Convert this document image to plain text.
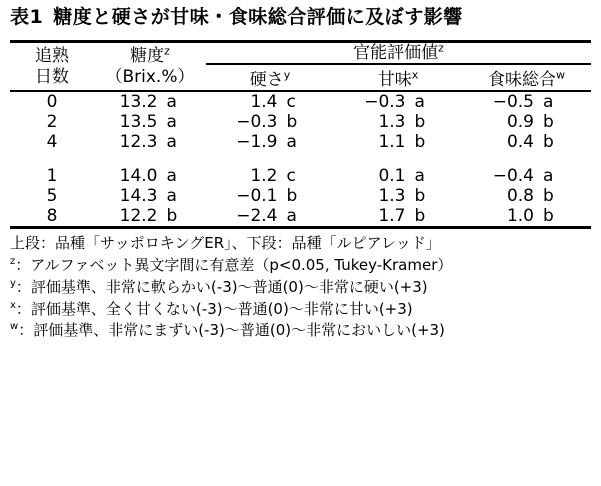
表1 糖度と硬さが甘味・食味総合評価に及ぼす影響
追熟
日数

糖度$^z$
（Brix.%）
	官能評価値$^z$
		硬さ$^y$	甘味$^x$	食味総合$^w$
0	13.2 a	1.4 c	−0.3 a	−0.5 a
2	13.5 a	−0.3 b	1.3 b	0.9 b
4	12.3 a	−1.9 a	1.1 b	0.4 b

1	14.0 a	1.2 c	0.1 a	−0.4 a
5	14.3 a	−0.1 b	1.3 b	0.8 b
8	12.2 b	−2.4 a	1.7 b	1.0 b

上段：品種「サッポロキングER」、下段：品種「ルピアレッド」
$^z$：アルファベット異文字間に有意差（p<0.05, Tukey-Kramer）
$^y$：評価基準、非常に軟らかい(-3)～普通(0)～非常に硬い(+3)
$^x$：評価基準、全く甘くない(-3)～普通(0)～非常に甘い(+3)
$^w$：評価基準、非常にまずい(-3)～普通(0)～非常においしい(+3)
